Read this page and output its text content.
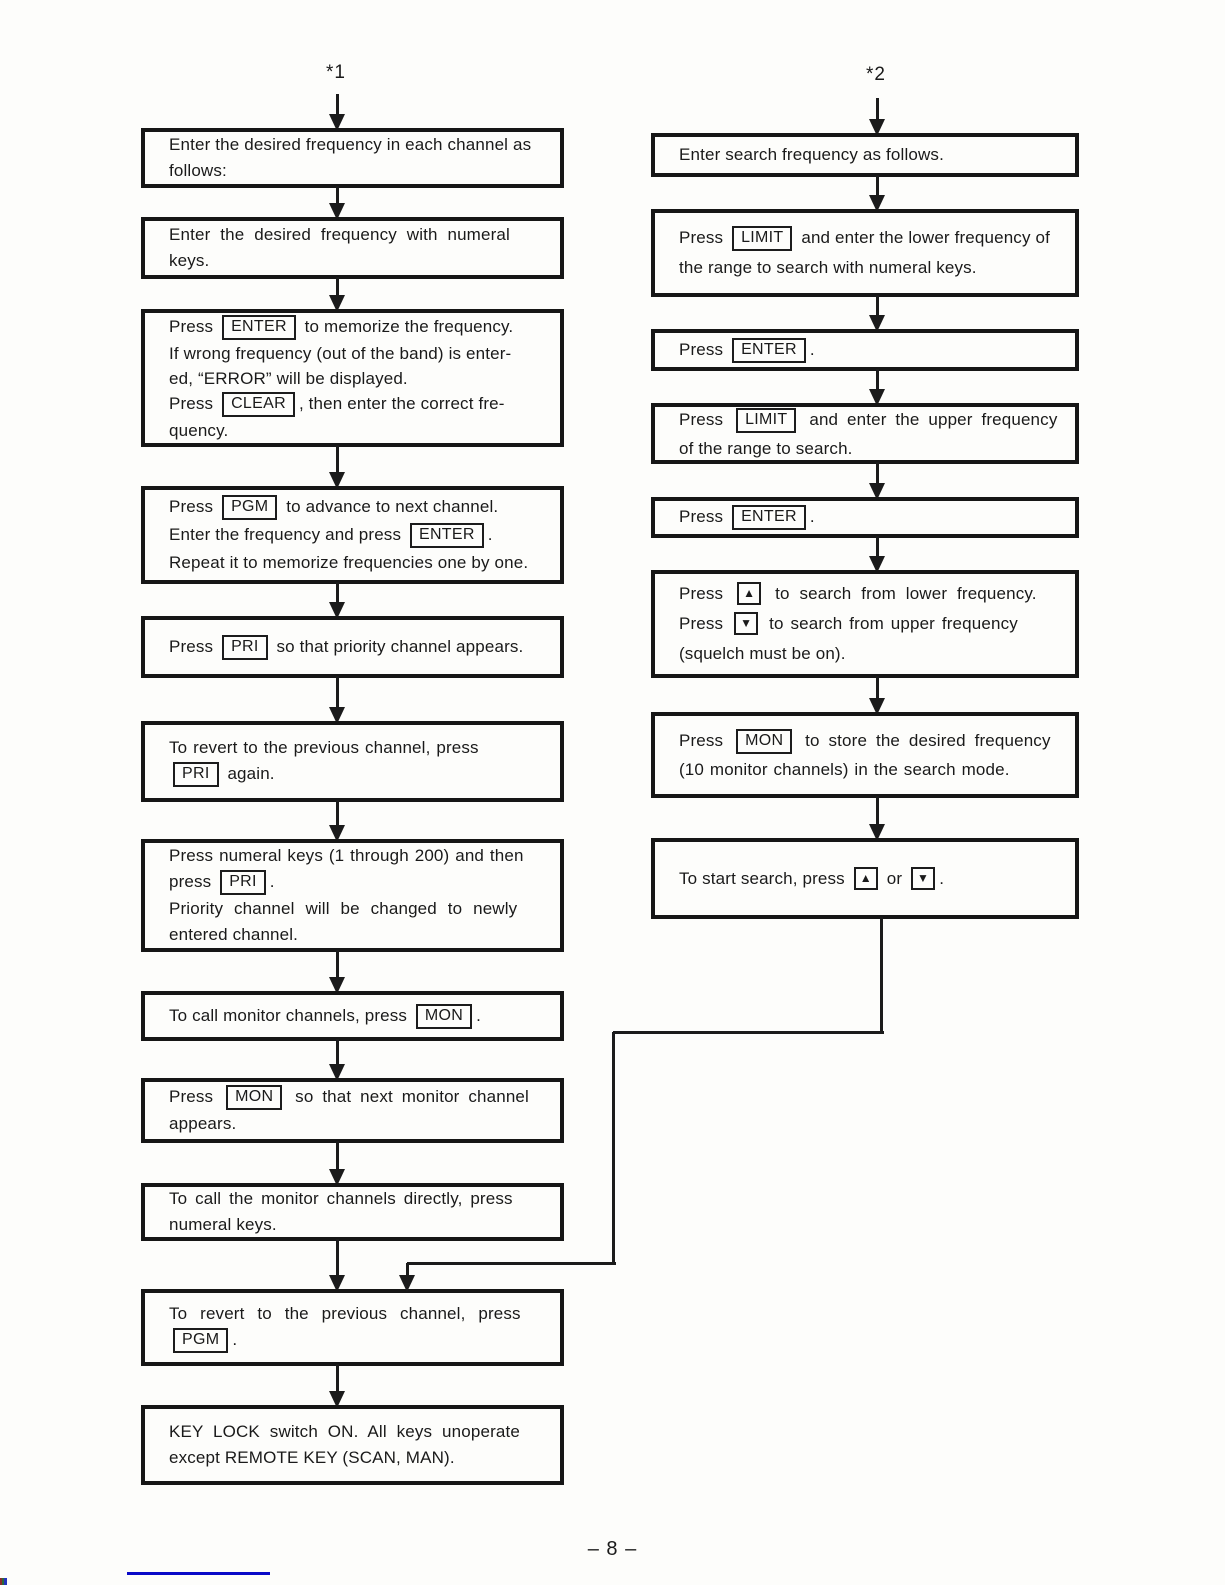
*1
Enter the desired frequency in each channel as
follows:
Enter the desired frequency with numeral
keys.
Press ENTER to memorize the frequency.
If wrong frequency (out of the band) is enter-
ed, “ERROR” will be displayed.
Press CLEAR , then enter the correct fre-
quency.
Press PGM to advance to next channel.
Enter the frequency and press ENTER .
Repeat it to memorize frequencies one by one.
Press PRI so that priority channel appears.
To revert to the previous channel, press
PRI again.
Press numeral keys (1 through 200) and then
press PRI .
Priority channel will be changed to newly
entered channel.
To call monitor channels, press MON .
Press MON so that next monitor channel
appears.
To call the monitor channels directly, press
numeral keys.
To revert to the previous channel, press
PGM .
KEY LOCK switch ON. All keys unoperate
except REMOTE KEY (SCAN, MAN).
*2
Enter search frequency as follows.
Press LIMIT and enter the lower frequency of
the range to search with numeral keys.
Press ENTER .
Press LIMIT and enter the upper frequency
of the range to search.
Press ENTER .
Press ▲ to search from lower frequency.
Press ▼ to search from upper frequency
(squelch must be on).
Press MON to store the desired frequency
(10 monitor channels) in the search mode.
To start search, press ▲ or ▼ .
– 8 –
